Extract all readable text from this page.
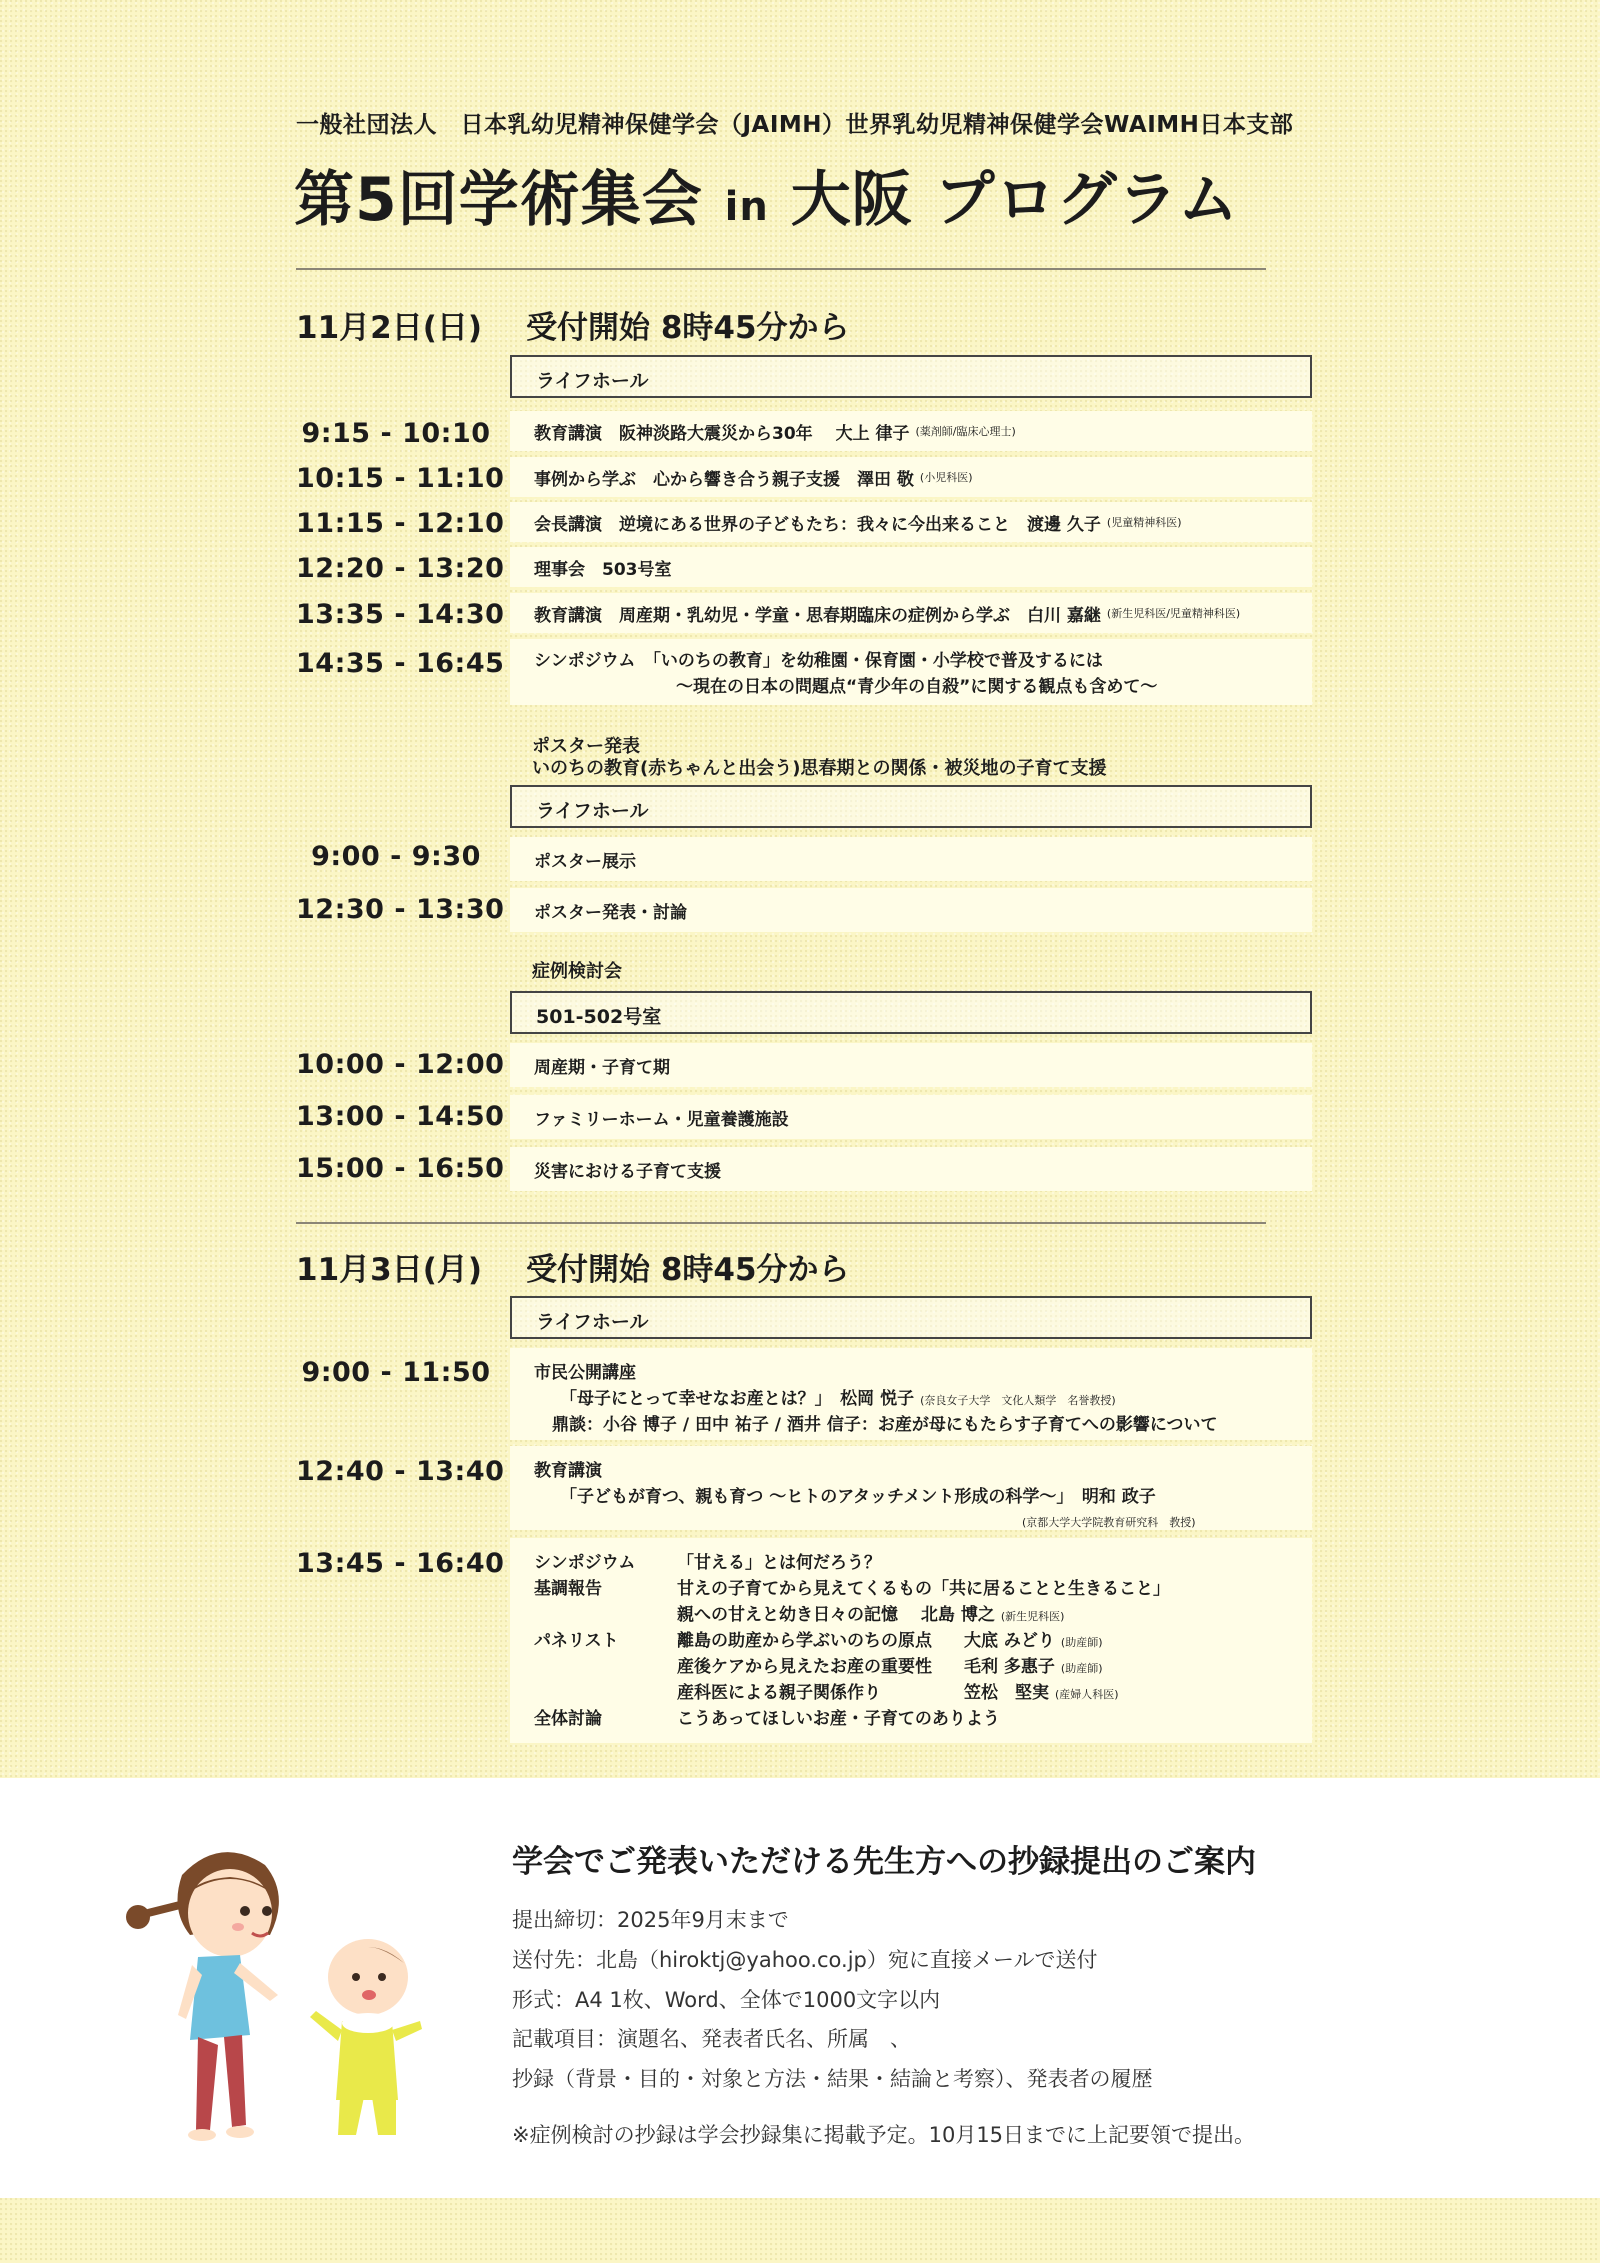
一般社団法人　日本乳幼児精神保健学会（JAIMH）世界乳幼児精神保健学会WAIMH日本支部
第5回学術集会 in 大阪 プログラム
11月2日(日) 受付開始 8時45分から
ライフホール
9:15 - 10:10	教育講演　阪神淡路大震災から30年　 大上 律子 (薬剤師/臨床心理士)
10:15 - 11:10 事例から学ぶ　心から響き合う親子支援　澤田 敬 (小児科医)
11:15 - 12:10 会長講演　逆境にある世界の子どもたち：我々に今出来ること　渡邊 久子 (児童精神科医)
12:20 - 13:20 理事会　503号室
13:35 - 14:30 教育講演　周産期・乳幼児・学童・思春期臨床の症例から学ぶ　白川 嘉継 (新生児科医/児童精神科医)
14:35 - 16:45 シンポジウム　「いのちの教育」を幼稚園・保育園・小学校で普及するには
〜現在の日本の問題点“青少年の自殺”に関する観点も含めて〜
ポスター発表
いのちの教育(赤ちゃんと出会う)思春期との関係・被災地の子育て支援
ライフホール
9:00 - 9:30	ポスター展示
12:30 - 13:30 ポスター発表・討論
症例検討会
501-502号室
10:00 - 12:00 周産期・子育て期
13:00 - 14:50 ファミリーホーム・児童養護施設
15:00 - 16:50 災害における子育て支援
11月3日(月) 受付開始 8時45分から
ライフホール
9:00 - 11:50	市民公開講座
「母子にとって幸せなお産とは？」　松岡 悦子 (奈良女子大学　文化人類学　名誉教授)
鼎談：小谷 博子 / 田中 祐子 / 酒井 信子：お産が母にもたらす子育てへの影響について
12:40 - 13:40 教育講演
「子どもが育つ、親も育つ 〜ヒトのアタッチメント形成の科学〜」　明和 政子
(京都大学大学院教育研究科　教授)
13:45 - 16:40 シンポジウム 「甘える」とは何だろう？
基調報告	甘えの子育てから見えてくるもの「共に居ることと生きること」
親への甘えと幼き日々の記憶　 北島 博之 (新生児科医)
パネリスト	離島の助産から学ぶいのちの原点 大底 みどり (助産師)
産後ケアから見えたお産の重要性 毛利 多惠子 (助産師)
産科医による親子関係作り	笠松　堅実 (産婦人科医)
全体討論	こうあってほしいお産・子育てのありよう
学会でご発表いただける先生方への抄録提出のご案内
提出締切：2025年9月末まで
送付先：北島（hiroktj@yahoo.co.jp）宛に直接メールで送付
形式：A4 1枚、Word、全体で1000文字以内
記載項目：演題名、発表者氏名、所属　、
抄録（背景・目的・対象と方法・結果・結論と考察）、発表者の履歴
※症例検討の抄録は学会抄録集に掲載予定。10月15日までに上記要領で提出。
